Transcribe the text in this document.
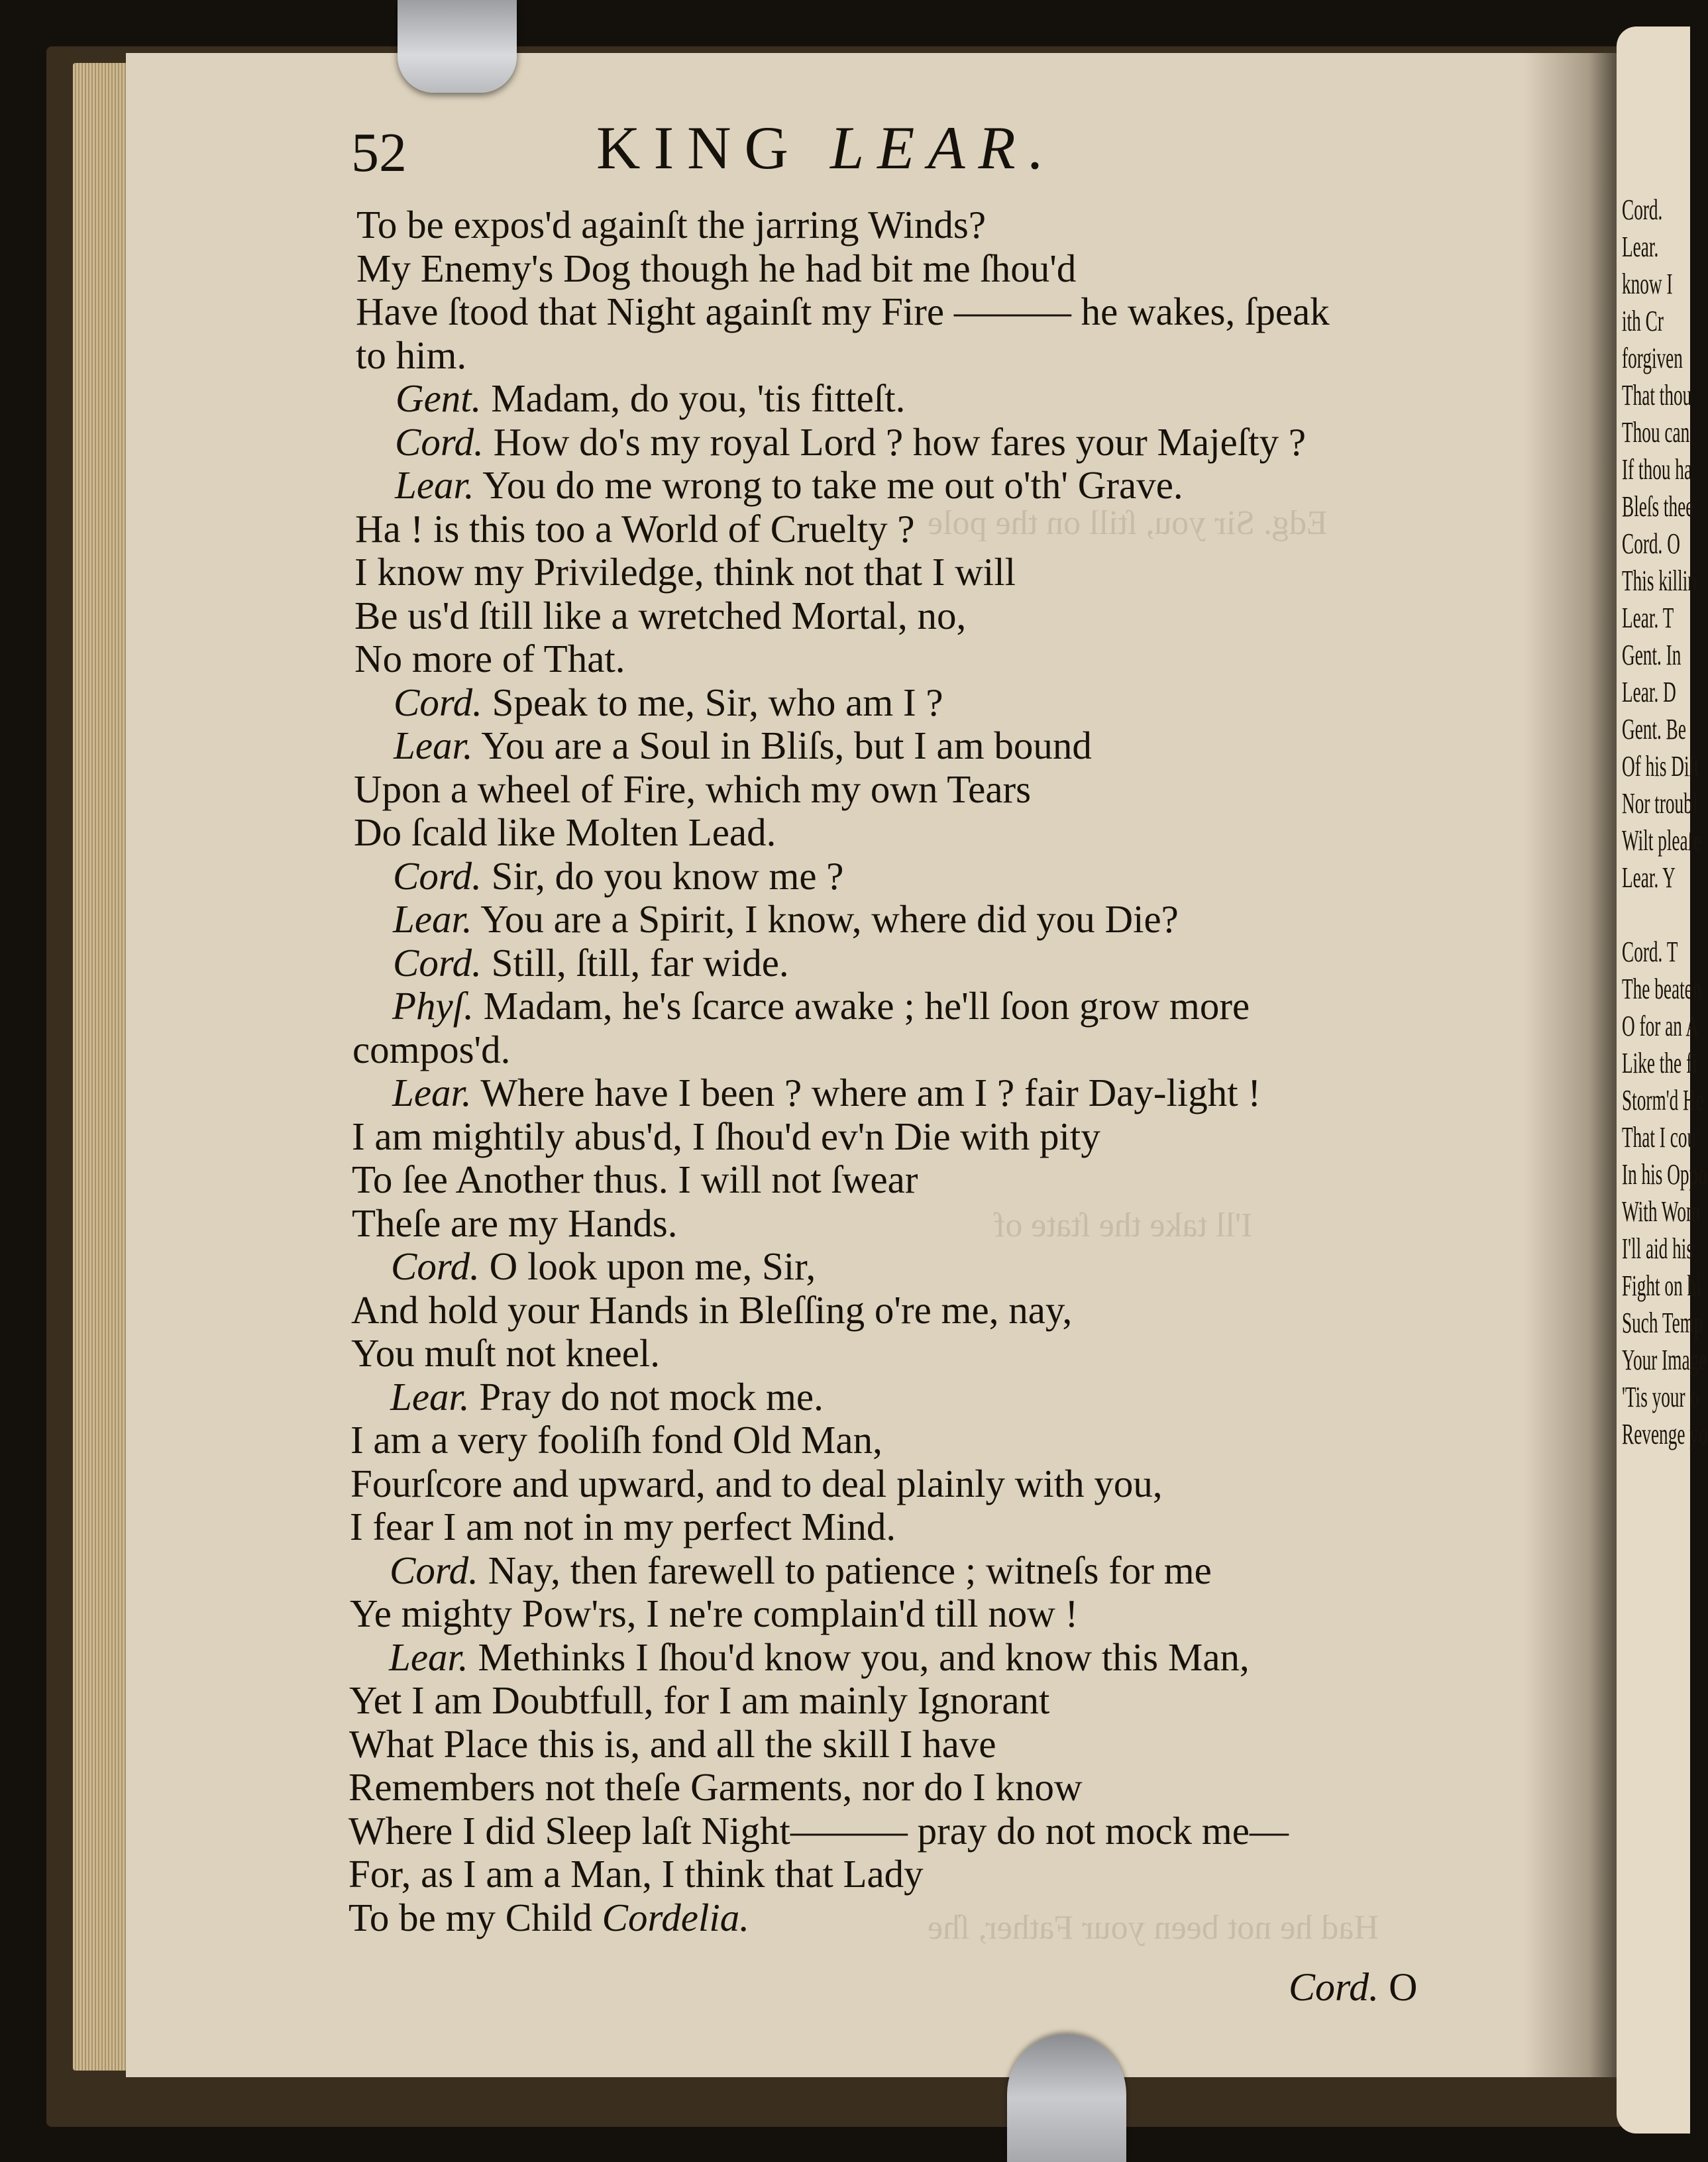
Cord.
Lear.
know I
ith Cr
forgiven
That thou
Thou can
If thou ha
Bleſs thee
Cord. O
This killin
Lear. T
Gent. In
Lear. D
Gent. Be
Of his Diſt
Nor troubl
Wilt pleaſe
Lear. Y
Cord. T
The beaten
O for an A
Like the fi
Storm'd He
That I cou'
In his Oppo
With Wom
I'll aid his
Fight on hi
Such Temp
Your Image
'Tis your o
Revenge yo
Edg. Sir you, ſtill on the pole
I'll take the ſtate of
Had he not been your Father, ſhe
52	KING LEAR.
To be expos'd againſt the jarring Winds?
My Enemy's Dog though he had bit me ſhou'd
Have ſtood that Night againſt my Fire ——— he wakes, ſpeak
to him.
Gent. Madam, do you, 'tis fitteſt.
Cord. How do's my royal Lord ? how fares your Majeſty ?
Lear. You do me wrong to take me out o'th' Grave.
Ha ! is this too a World of Cruelty ?
I know my Priviledge, think not that I will
Be us'd ſtill like a wretched Mortal, no,
No more of That.
Cord. Speak to me, Sir, who am I ?
Lear. You are a Soul in Bliſs, but I am bound
Upon a wheel of Fire, which my own Tears
Do ſcald like Molten Lead.
Cord. Sir, do you know me ?
Lear. You are a Spirit, I know, where did you Die?
Cord. Still, ſtill, far wide.
Phyſ. Madam, he's ſcarce awake ; he'll ſoon grow more
compos'd.
Lear. Where have I been ? where am I ? fair Day-light !
I am mightily abus'd, I ſhou'd ev'n Die with pity
To ſee Another thus. I will not ſwear
Theſe are my Hands.
Cord. O look upon me, Sir,
And hold your Hands in Bleſſing o're me, nay,
You muſt not kneel.
Lear. Pray do not mock me.
I am a very fooliſh fond Old Man,
Fourſcore and upward, and to deal plainly with you,
I fear I am not in my perfect Mind.
Cord. Nay, then farewell to patience ; witneſs for me
Ye mighty Pow'rs, I ne're complain'd till now !
Lear. Methinks I ſhou'd know you, and know this Man,
Yet I am Doubtfull, for I am mainly Ignorant
What Place this is, and all the skill I have
Remembers not theſe Garments, nor do I know
Where I did Sleep laſt Night——— pray do not mock me—
For, as I am a Man, I think that Lady
To be my Child Cordelia.
Cord. O
